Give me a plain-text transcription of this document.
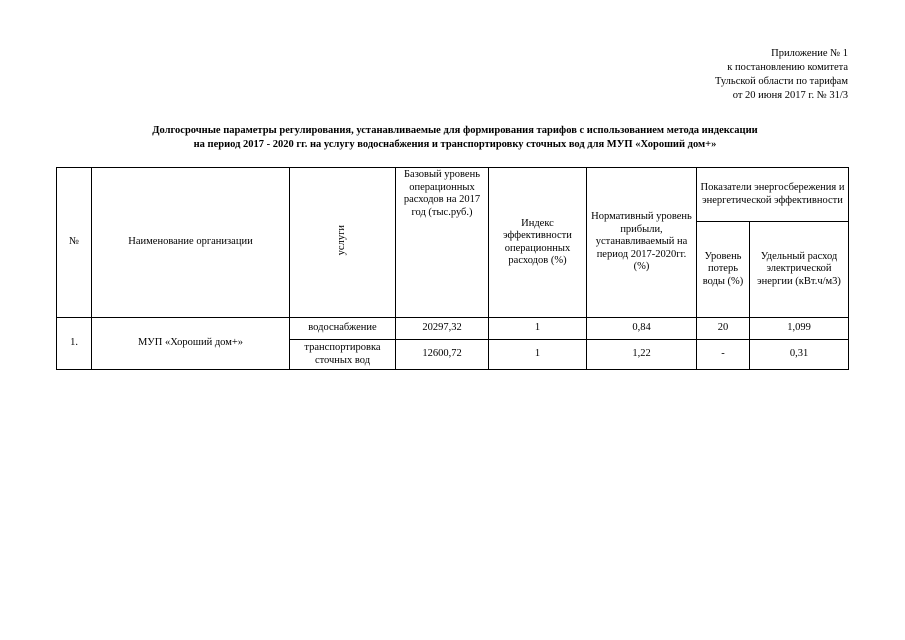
Приложение № 1
к постановлению комитета
Тульской области по тарифам
от 20 июня 2017 г. № 31/3
Долгосрочные параметры регулирования, устанавливаемые для формирования тарифов с использованием метода индексации
на период 2017 - 2020 гг. на услугу водоснабжения и транспортировку сточных вод для МУП «Хороший дом+»
№	Наименование организации	услуги	Базовый уровень операционных расходов на 2017 год (тыс.руб.)	Индекс эффективности операционных расходов (%)	Нормативный уровень прибыли, устанавливаемый на период 2017-2020гг. (%)	Показатели энергосбережения и энергетической эффективности	
						Уровень потерь воды (%)	Удельный расход электрической энергии (кВт.ч/м3)
1.	МУП «Хороший дом+»	водоснабжение	20297,32	1	0,84	20	1,099
		транспортировка сточных вод	12600,72	1	1,22	-	0,31
